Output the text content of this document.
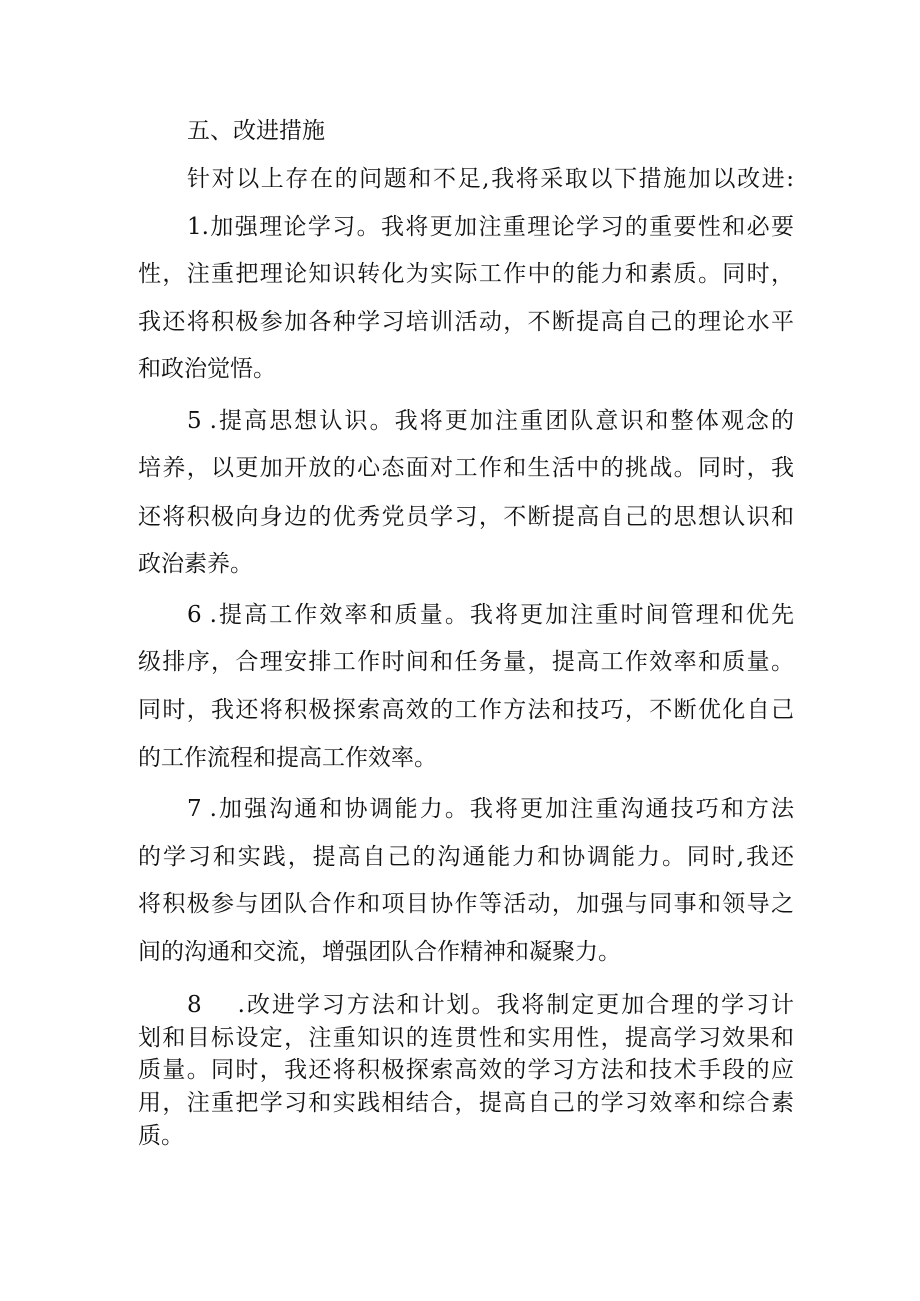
五、改进措施
针对以上存在的问题和不足,我将采取以下措施加以改进:
1.加强理论学习。我将更加注重理论学习的重要性和必要
性，注重把理论知识转化为实际工作中的能力和素质。同时，
我还将积极参加各种学习培训活动，不断提高自己的理论水平
和政治觉悟。
5 .提高思想认识。我将更加注重团队意识和整体观念的
培养，以更加开放的心态面对工作和生活中的挑战。同时，我
还将积极向身边的优秀党员学习，不断提高自己的思想认识和
政治素养。
6 .提高工作效率和质量。我将更加注重时间管理和优先
级排序，合理安排工作时间和任务量，提高工作效率和质量。
同时，我还将积极探索高效的工作方法和技巧，不断优化自己
的工作流程和提高工作效率。
7 .加强沟通和协调能力。我将更加注重沟通技巧和方法
的学习和实践，提高自己的沟通能力和协调能力。同时,我还
将积极参与团队合作和项目协作等活动，加强与同事和领导之
间的沟通和交流，增强团队合作精神和凝聚力。
8 .改进学习方法和计划。我将制定更加合理的学习计
划和目标设定，注重知识的连贯性和实用性，提高学习效果和
质量。同时，我还将积极探索高效的学习方法和技术手段的应
用，注重把学习和实践相结合，提高自己的学习效率和综合素
质。
